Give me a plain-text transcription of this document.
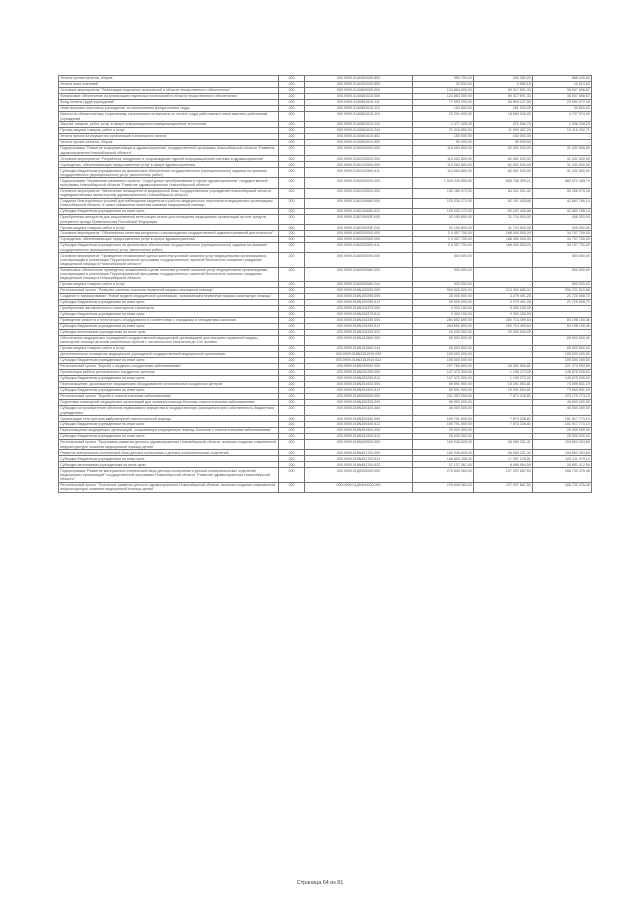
Уплата прочих налогов, сборов	200	000.0909.0140351090.852	953 700,00	245 350,20	688 349,80
Уплата иных платежей	200	000.0909.0140351090.853	20 500,00	9 585,16	10 914,84
Основное мероприятие "Реализация отдельных полномочий в области лекарственного обеспечения"	200	000.0909.0140600000.000	124 863 000,00	89 317 591,33	35 547 898,67
Финансовое обеспечение на реализацию отдельных полномочий в области лекарственного обеспечения	200	000.0909.0140651610.000	124 863 000,00	89 317 591,33	35 547 898,67
Фонд оплаты труда учреждений	200	000.0909.0140651610.111	77 993 200,00	54 893 127,85	23 094 072,15
Иные выплаты персоналу учреждений, за исключением фонда оплаты труда	200	000.0909.0140651610.112	184 800,00	151 200,00	33 600,00
Взносы по обязательному социальному страхованию на выплаты по оплате труда работников и иные выплаты работникам учреждений	200	000.0909.0140651610.119	23 391 600,00	18 654 026,00	4 737 574,00
Закупка товаров, работ, услуг в сфере информационно-коммуникационных технологий	200	000.0909.0140651610.242	2 477 425,00	571 096,75	1 906 328,25
Прочая закупка товаров, работ и услуг	200	000.0909.0140651610.244	21 415 850,00	11 099 457,29	10 316 392,71
Уплата налога на имущество организаций и земельного налога	200	000.0909.0140651610.851	150 000,00	150 000,00	-
Уплата прочих налогов, сборов	200	000.0909.0140651610.852	90 000,00	90 000,00	-
Подпрограмма "Развитие информатизации в здравоохранении" государственной программы Новосибирской области "Развитие здравоохранения Новосибирской области"	200	000.0909.0150000000.000	114 083 800,00	82 651 000,00	31 432 800,00
Основное мероприятие "Разработка, внедрение и сопровождение единой информационной системы в здравоохранении"	200	000.0909.0150100000.000	114 083 800,00	82 651 000,00	31 432 800,00
Учреждения, обеспечивающие предоставление услуг в сфере здравоохранения	200	000.0909.0150102590.000	114 083 800,00	82 651 000,00	31 432 800,00
Субсидии бюджетным учреждениям на финансовое обеспечение государственного (муниципального) задания на оказание государственных (муниципальных) услуг (выполнение работ)	200	000.0909.0150102590.611	114 083 800,00	82 651 000,00	31 432 800,00
Подпрограмма "Управление развитием отрасли. Структурные преобразования в сфере здравоохранения" государственной программы Новосибирской области "Развитие здравоохранения Новосибирской области"	200	000.0909.0160000000.000	1 520 330 855,00	636 758 399,21	883 572 455,79
Основное мероприятие "Увеличение оснащенности медицинской базы государственных учреждений Новосибирской области, подведомственных министерству здравоохранения Новосибирской области"	200	000.0909.0160100000.000	140 189 972,00	84 921 001,82	55 268 970,18
Создание благоприятных условий для наблюдения пациентов и работы медицинского персонала в медицинских организациях Новосибирской области, а также повышения качества оказания медицинской помощи	200	000.0909.0160100680.000	125 030 172,00	82 167 405,86	42 862 766,14
Субсидии бюджетным учреждениям на иные цели	200	000.0909.0160100680.612	125 030 172,00	82 167 405,86	42 862 766,14
Приобретение аппаратов для искусственной вентиляции легких для оснащения медицинских организаций за счет средств резервного фонда Правительства Российской Федерации	200	000.0909.016015093F.000	92 159 800,00	31 724 500,00	458 300,00
Прочая закупка товаров, работ и услуг	200	000.0909.016015093F.244	92 159 800,00	31 724 500,00	435 300,00
Основное мероприятие "Обеспечение качества ресурсного сопровождения государственной административной деятельности"	200	000.0909.0160200000.000	2 0 057 700,00	188 300 000,00	34 757 700,00
Учреждения, обеспечивающие предоставление услуг в сфере здравоохранения	200	000.0909.0160202590.000	2 0 057 700,00	188 300 000,00	34 757 700,00
Субсидии бюджетным учреждениям на финансовое обеспечение государственного (муниципального) задания на оказание государственных (муниципальных) услуг (выполнение работ)	200	000.0909.0160202590.611	2 0 057 700,00	188 300 000,00	34 757 700,00
Основное мероприятие "Проведение независимой оценки качества условий оказания услуг медицинскими организациями, участвующими в реализации Территориальной программы государственных гарантий бесплатного оказания гражданам медицинской помощи в Новосибирской области"	200	000.0909.0160500000.000	500 000,00	-	500 000,00
Финансовое обеспечение проведения независимой оценки качества условий оказания услуг медицинскими организациями, участвующими в реализации Территориальной программы государственных гарантий бесплатного оказания гражданам медицинской помощи в Новосибирской области	200	000.0909.0160500680.000	500 000,00	-	500 000,00
Прочая закупка товаров, работ и услуг	200	000.0909.0160500680.244	500 000,00	-	500 000,00
Региональный проект "Развитие системы оказания первичной медико-санитарной помощи"	200	000.0909.016N100000.000	509 626 500,00	213 393 680,32	296 232 819,68
Создание и тиражирование "Новой модели медицинской организации, оказывающей первичную медико-санитарную помощь"	200	000.0909.016N100290.000	25 000 000,00	3 279 491,28	21 720 508,72
Субсидии бюджетным учреждениям на иные цели	200	000.0909.016N100290.612	25 000 000,00	3 279 491,28	21 720 508,72
Приобретение автомобильного санитарного транспорта	200	000.0909.016N100370.000	9 300 150,00	9 300 150,00	-
Субсидии бюджетным учреждениям на иные цели	200	000.0909.016N100370.612	9 300 150,00	9 300 150,00	-
Приведение ремонта и технического оборудования в соответствии с порядками и стандартами оказания	200	000.0909.016N100330.000	284 652 800,00	200 714 499,54	84 198 150,46
Субсидии бюджетным учреждениям на иные цели	200	000.0909.016N100330.612	284 652 800,00	200 714 499,54	84 198 150,46
Субсидии автономным учреждениям на иные цели	200	000.0909.016N100330.622	20 000 000,00	20 000 000,00	-
Обеспечение медицинских учреждений государственной медицинской организацией для оказания первичной медико-санитарной помощи жителям населенных пунктов с численностью населения до 100 человек	200	000.0909.016N151960.000	85 503 800,00	-	85 503 800,00
Прочая закупка товаров, работ и услуг	200	000.0909.016N151960.244	85 503 800,00	-	85 503 800,00
Дополнительное оснащение медицинских учреждений государственной медицинской организации	200	000.0909.016N2151910.000	105 000 000,00	-	105 000 000,00
Субсидии бюджетным учреждениям на иные цели	200	000.0909.016N2151910.612	105 000 000,00	-	105 000 000,00
Региональный проект "Борьба с сердечно-сосудистыми заболеваниями"	200	000.0909.016N200000.000	237 760 800,00	16 491 566,81	221 274 053,59
Организация работы региональных сосудистых центров	200	000.0909.016N200290.000	147 070 300,00	1 195 273,00	145 875 026,00
Субсидии бюджетным учреждениям на иные цели	200	000.0909.016N200290.612	147 070 300,00	1 195 273,00	145 875 026,00
Переоснащение, дооснащение медицинским оборудованием региональных сосудистых центров	200	000.0909.016N251920.000	89 691 900,00	15 291 553,81	73 599 831,19
Субсидии бюджетным учреждениям на иные цели	200	000.0909.016N251920.612	89 691 900,00	15 291 553,81	73 599 831,19
Региональный проект "Борьба с онкологическими заболеваниями"	200	000.0909.016N300000.000	231 053 000,00	7 873 226,81	223 179 773,19
Подготовка помещений медицинских организаций для оказания помощи больным онкологическими заболеваниями	200	000.0909.016N300320.000	46 500 000,00	-	46 500 000,00
Субсидии на приобретение объектов недвижимого имущества в государственную (муниципальную) собственность бюджетным учреждениям	200	000.0909.016N300320.464	46 500 000,00	-	46 500 000,00
Организация сети центров амбулаторной онкологической помощи	200	000.0909.016N300440.000	159 791 000,00	7 873 226,81	151 917 773,19
Субсидии бюджетным учреждениям на иные цели	200	000.0909.016N300440.612	159 791 000,00	7 873 226,81	151 917 773,19
Переоснащение медицинских организаций, оказывающих медицинскую помощь больным с онкологическими заболеваниями	200	000.0909.016N351900.000	25 000 000,00	-	25 000 000,00
Субсидии бюджетным учреждениям на иные цели	200	000.0909.016N351900.612	25 000 000,00	-	25 000 000,00
Региональный проект "Программа развития детского здравоохранения Новосибирской области, включая создание современной инфраструктуры оказания медицинской помощи детям"	200	000.0909.016N400000.000	180 946 625,00	26 083 231,31	154 863 393,69
Развитие материально-технической базы детских поликлиник и детских поликлинических отделений	200	000.0909.016N451700.000	182 946 625,00	26 083 231,31	154 863 393,69
Субсидии бюджетным учреждениям на иные цели	200	000.0909.016N451700.612	146 809 258,00	17 597 278,81	129 211 979,19
Субсидии автономным учреждениям на иные цели	200	000.0909.016N451700.622	37 137 367,00	8 485 954,50	28 651 412,50
Подпрограмма "Развитие материально-технической базы детских поликлиник и детских поликлинических отделений медицинских организаций" государственной программы Новосибирской области "Развитие здравоохранения Новосибирской области"	200	000.0909.01Д0000000.000	275 608 063,00	107 097 687,50	168 730 376,48
Региональный проект "Поэтапное развитие детского здравоохранения Новосибирской области, включая создание современной инфраструктуры оказания медицинской помощи детям"	200	000.0909.01ДN400000.000	275 608 063,00	107 097 687,50	168 730 376,48
Страница 64 из 81
